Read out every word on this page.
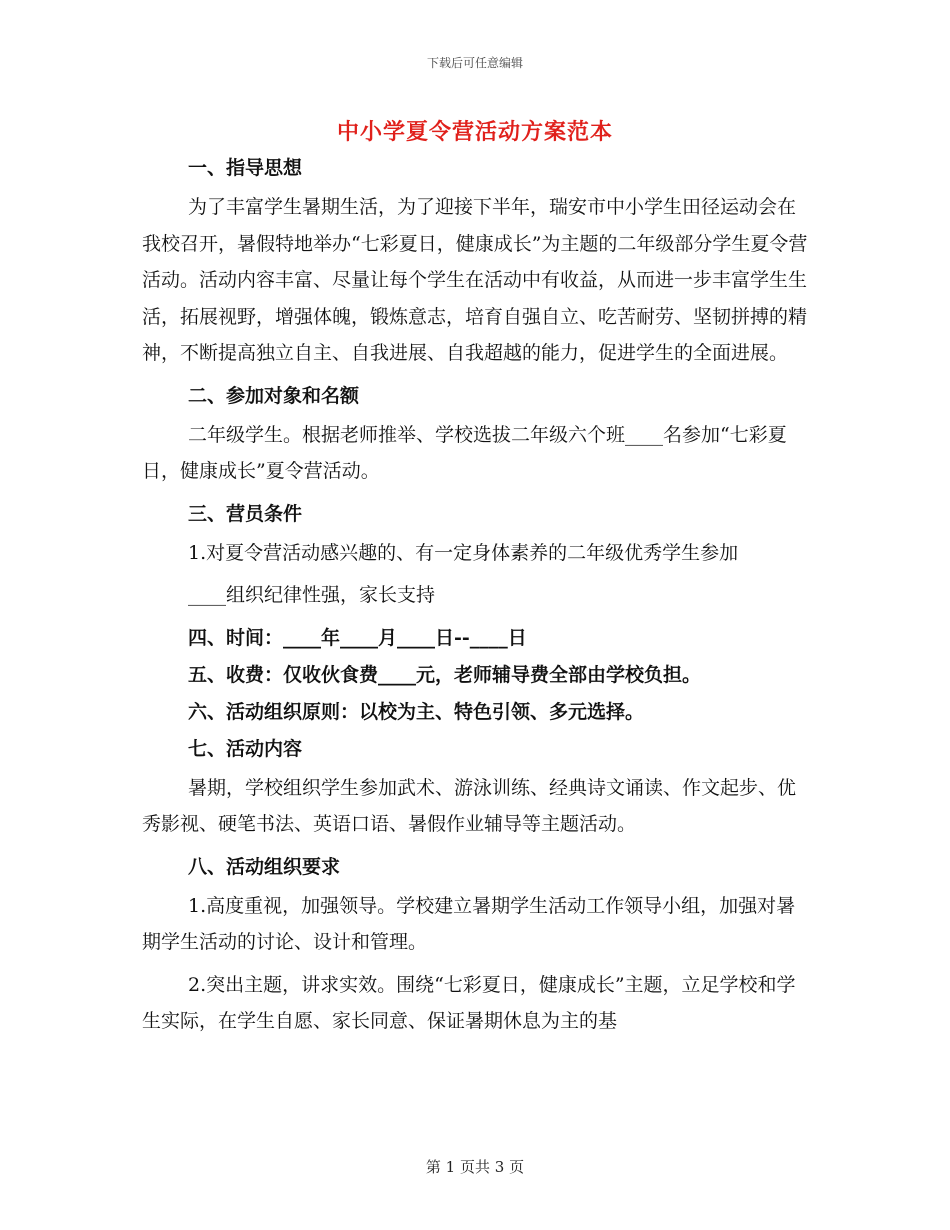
下载后可任意编辑
中小学夏令营活动方案范本
一、指导思想
为了丰富学生暑期生活，为了迎接下半年，瑞安市中小学生田径运动会在我校召开，暑假特地举办“七彩夏日，健康成长”为主题的二年级部分学生夏令营活动。活动内容丰富、尽量让每个学生在活动中有收益，从而进一步丰富学生生活，拓展视野，增强体魄，锻炼意志，培育自强自立、吃苦耐劳、坚韧拼搏的精神，不断提高独立自主、自我进展、自我超越的能力，促进学生的全面进展。
二、参加对象和名额
二年级学生。根据老师推举、学校选拔二年级六个班____名参加“七彩夏日，健康成长”夏令营活动。
三、营员条件
1.对夏令营活动感兴趣的、有一定身体素养的二年级优秀学生参加
____组织纪律性强，家长支持
四、时间：____年____月____日--____日
五、收费：仅收伙食费____元，老师辅导费全部由学校负担。
六、活动组织原则：以校为主、特色引领、多元选择。
七、活动内容
暑期，学校组织学生参加武术、游泳训练、经典诗文诵读、作文起步、优秀影视、硬笔书法、英语口语、暑假作业辅导等主题活动。
八、活动组织要求
1.高度重视，加强领导。学校建立暑期学生活动工作领导小组，加强对暑期学生活动的讨论、设计和管理。
2.突出主题，讲求实效。围绕“七彩夏日，健康成长”主题，立足学校和学生实际，在学生自愿、家长同意、保证暑期休息为主的基
第 1 页共 3 页
